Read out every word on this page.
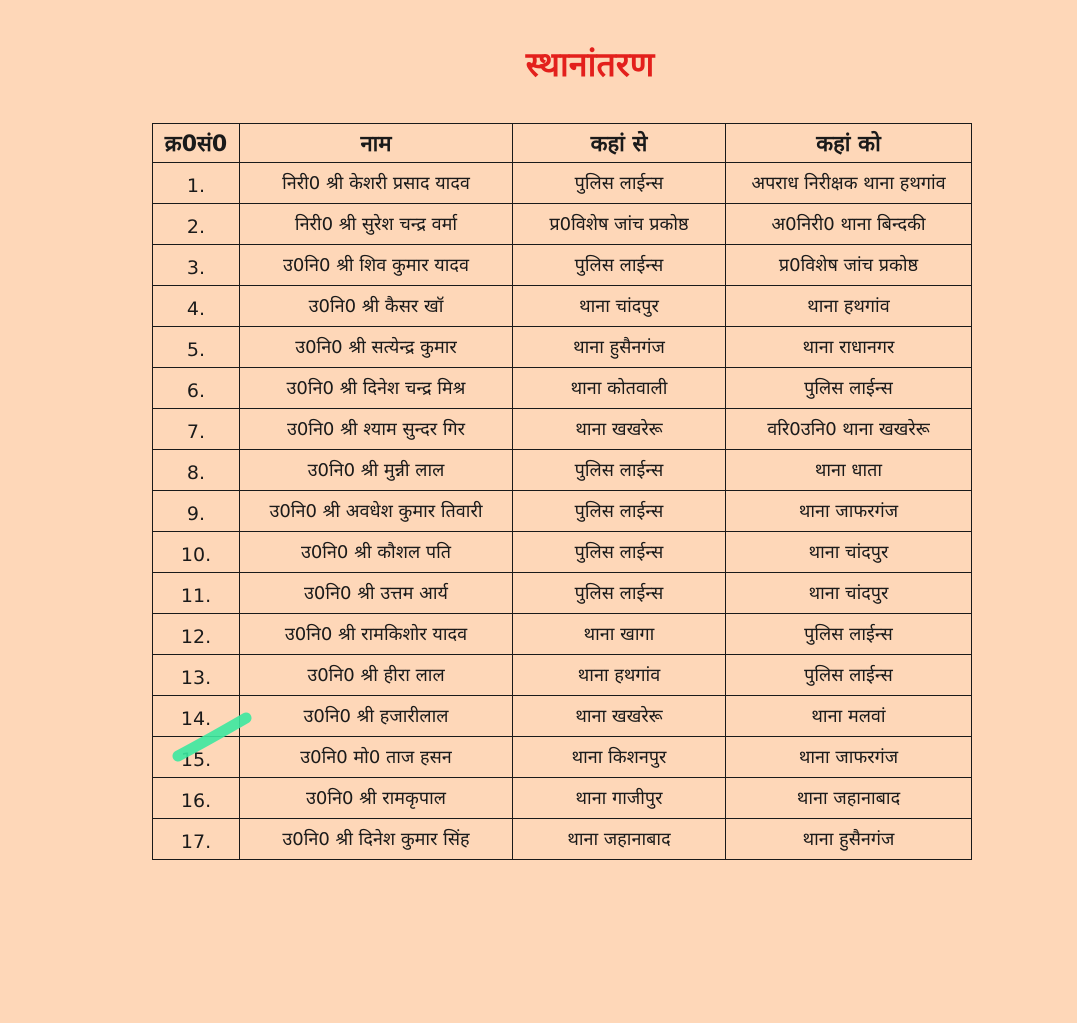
स्थानांतरण
क्र0सं0	नाम	कहां से	कहां को
1.	निरी0 श्री केशरी प्रसाद यादव	पुलिस लाईन्स	अपराध निरीक्षक थाना हथगांव
2.	निरी0 श्री सुरेश चन्द्र वर्मा	प्र0विशेष जांच प्रकोष्ठ	अ0निरी0 थाना बिन्दकी
3.	उ0नि0 श्री शिव कुमार यादव	पुलिस लाईन्स	प्र0विशेष जांच प्रकोष्ठ
4.	उ0नि0 श्री कैसर खॉ	थाना चांदपुर	थाना हथगांव
5.	उ0नि0 श्री सत्येन्द्र कुमार	थाना हुसैनगंज	थाना राधानगर
6.	उ0नि0 श्री दिनेश चन्द्र मिश्र	थाना कोतवाली	पुलिस लाईन्स
7.	उ0नि0 श्री श्याम सुन्दर गिर	थाना खखरेरू	वरि0उनि0 थाना खखरेरू
8.	उ0नि0 श्री मुन्नी लाल	पुलिस लाईन्स	थाना धाता
9.	उ0नि0 श्री अवधेश कुमार तिवारी	पुलिस लाईन्स	थाना जाफरगंज
10.	उ0नि0 श्री कौशल पति	पुलिस लाईन्स	थाना चांदपुर
11.	उ0नि0 श्री उत्तम आर्य	पुलिस लाईन्स	थाना चांदपुर
12.	उ0नि0 श्री रामकिशोर यादव	थाना खागा	पुलिस लाईन्स
13.	उ0नि0 श्री हीरा लाल	थाना हथगांव	पुलिस लाईन्स
14.	उ0नि0 श्री हजारीलाल	थाना खखरेरू	थाना मलवां
15.	उ0नि0 मो0 ताज हसन	थाना किशनपुर	थाना जाफरगंज
16.	उ0नि0 श्री रामकृपाल	थाना गाजीपुर	थाना जहानाबाद
17.	उ0नि0 श्री दिनेश कुमार सिंह	थाना जहानाबाद	थाना हुसैनगंज
